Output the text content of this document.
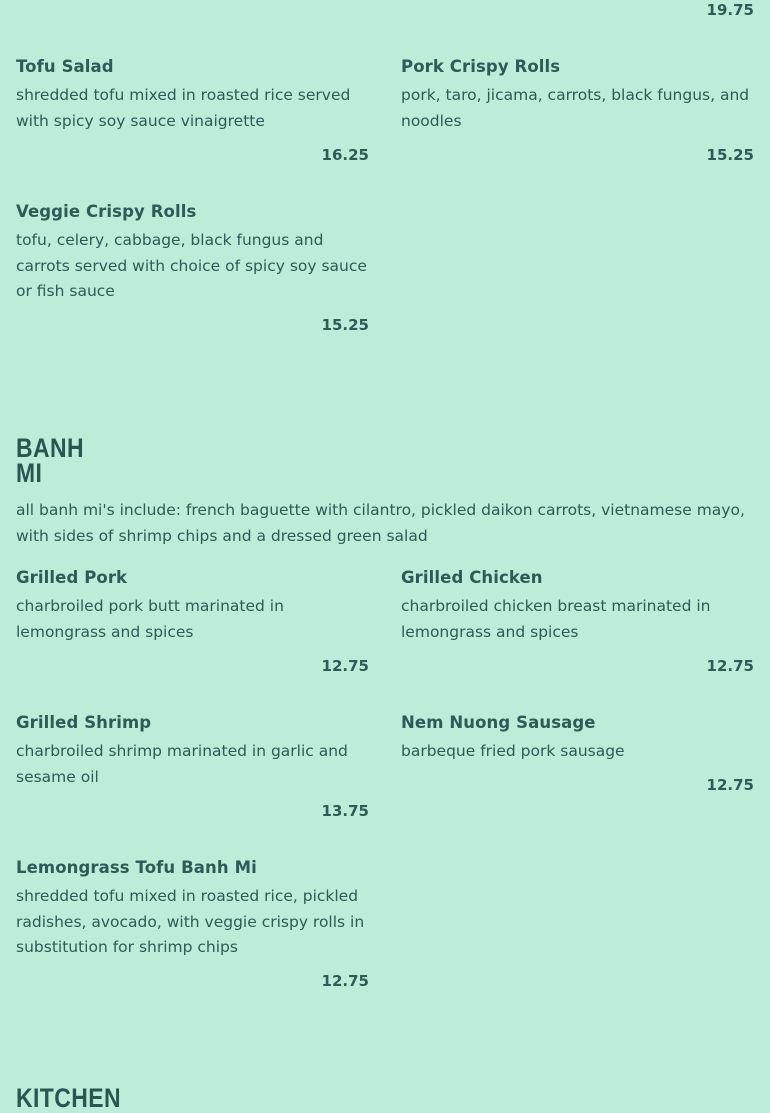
19.75
Tofu Salad
shredded tofu mixed in roasted rice served with spicy soy sauce vinaigrette
16.25
Pork Crispy Rolls
pork, taro, jicama, carrots, black fungus, and noodles
15.25
Veggie Crispy Rolls
tofu, celery, cabbage, black fungus and carrots served with choice of spicy soy sauce or fish sauce
15.25
BANH
MI
all banh mi's include: french baguette with cilantro, pickled daikon carrots, vietnamese mayo, with sides of shrimp chips and a dressed green salad
Grilled Pork
charbroiled pork butt marinated in lemongrass and spices
12.75
Grilled Chicken
charbroiled chicken breast marinated in lemongrass and spices
12.75
Grilled Shrimp
charbroiled shrimp marinated in garlic and sesame oil
13.75
Nem Nuong Sausage
barbeque fried pork sausage
12.75
Lemongrass Tofu Banh Mi
shredded tofu mixed in roasted rice, pickled radishes, avocado, with veggie crispy rolls in substitution for shrimp chips
12.75
KITCHEN
